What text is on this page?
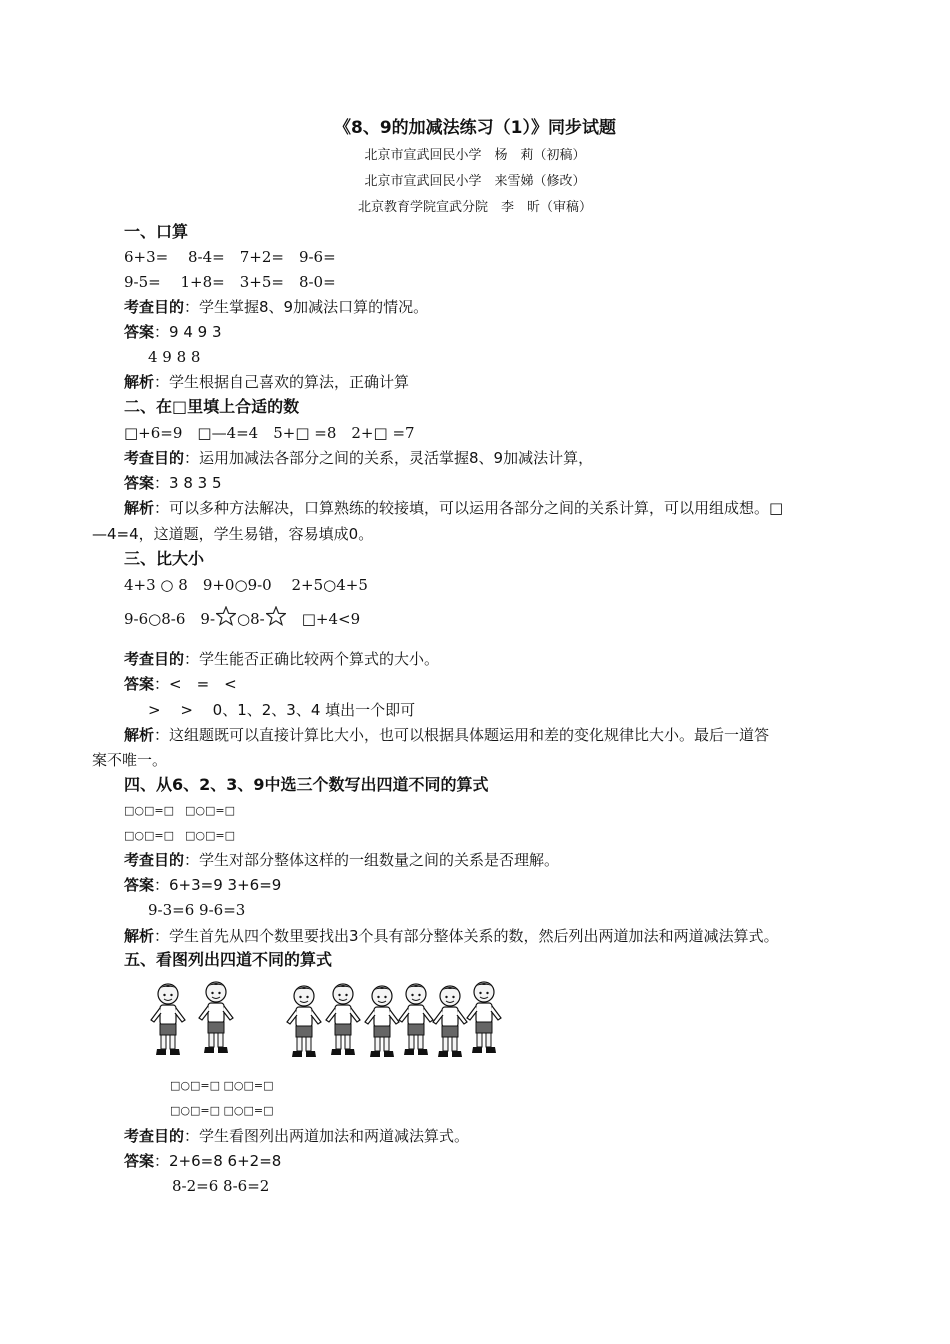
《8、9的加减法练习（1）》同步试题
北京市宣武回民小学　杨　莉（初稿）
北京市宣武回民小学　来雪娣（修改）
北京教育学院宣武分院　李　昕（审稿）
一、口算
6+3=　 8-4=　7+2=　9-6=
9-5=　 1+8=　3+5=　8-0=
考查目的：学生掌握8、9加减法口算的情况。
答案：9 4 9 3
4 9 8 8
解析：学生根据自己喜欢的算法，正确计算
二、在□里填上合适的数
□+6=9　□—4=4　5+□ =8　2+□ =7
考查目的：运用加减法各部分之间的关系，灵活掌握8、9加减法计算，
答案：3 8 3 5
解析：可以多种方法解决，口算熟练的较接填，可以运用各部分之间的关系计算，可以用组成想。□
—4=4，这道题，学生易错，容易填成0。
三、比大小
4+3 ○ 8　9+0○9-0　 2+5○4+5
9-6○8-6　9- ○8-　□+4<9
考查目的：学生能否正确比较两个算式的大小。
答案：<　=　<
> 　> 　0、1、2、3、4 填出一个即可
解析：这组题既可以直接计算比大小，也可以根据具体题运用和差的变化规律比大小。最后一道答
案不唯一。
四、从6、2、3、9中选三个数写出四道不同的算式
□○□=□　□○□=□
□○□=□　□○□=□
考查目的：学生对部分整体这样的一组数量之间的关系是否理解。
答案：6+3=9 3+6=9
9-3=6 9-6=3
解析：学生首先从四个数里要找出3个具有部分整体关系的数，然后列出两道加法和两道减法算式。
五、看图列出四道不同的算式
□○□=□ □○□=□
□○□=□ □○□=□
考查目的：学生看图列出两道加法和两道减法算式。
答案：2+6=8 6+2=8
8-2=6 8-6=2
